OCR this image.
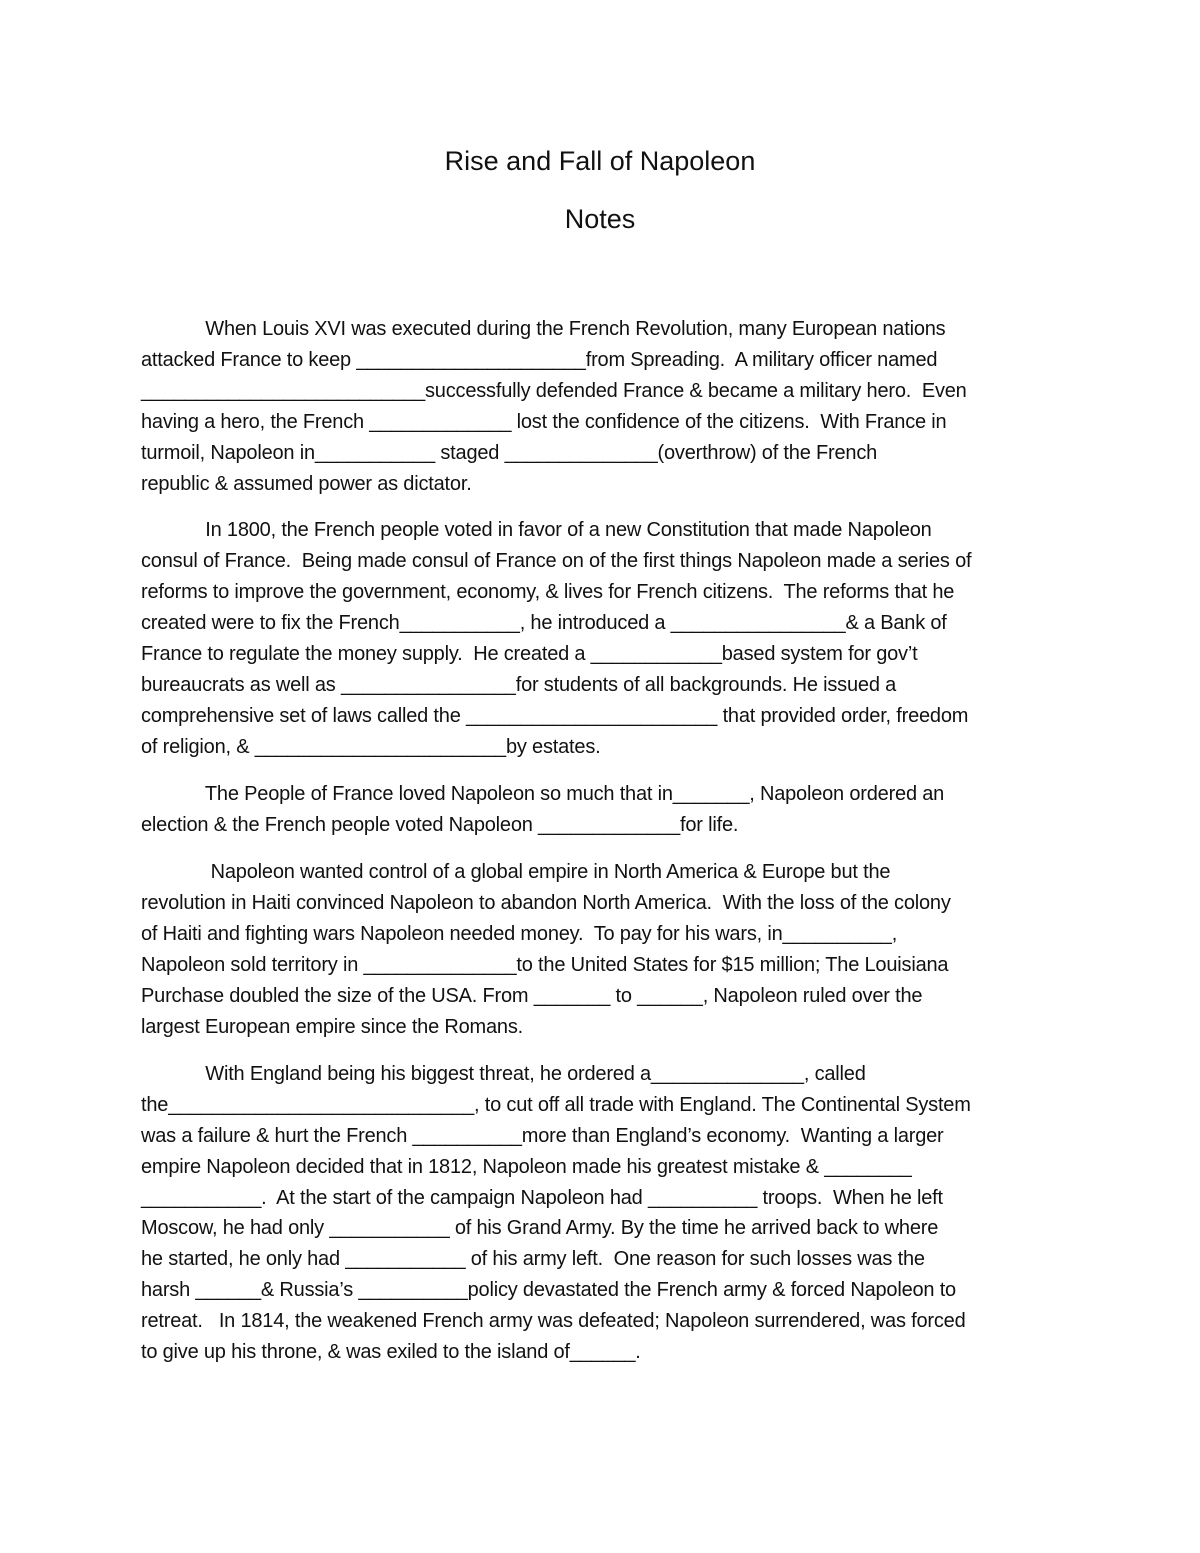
Rise and Fall of Napoleon
Notes

When Louis XVI was executed during the French Revolution, many European nations

attacked France to keep _____________________from Spreading.  A military officer named

__________________________successfully defended France & became a military hero.  Even

having a hero, the French _____________ lost the confidence of the citizens.  With France in

turmoil, Napoleon in___________ staged ______________(overthrow) of the French

republic & assumed power as dictator.

In 1800, the French people voted in favor of a new Constitution that made Napoleon

consul of France.  Being made consul of France on of the first things Napoleon made a series of

reforms to improve the government, economy, & lives for French citizens.  The reforms that he

created were to fix the French___________, he introduced a ________________& a Bank of

France to regulate the money supply.  He created a ____________based system for gov’t

bureaucrats as well as ________________for students of all backgrounds. He issued a

comprehensive set of laws called the _______________________ that provided order, freedom

of religion, & _______________________by estates.

The People of France loved Napoleon so much that in_______, Napoleon ordered an

election & the French people voted Napoleon _____________for life.

Napoleon wanted control of a global empire in North America & Europe but the

revolution in Haiti convinced Napoleon to abandon North America.  With the loss of the colony

of Haiti and fighting wars Napoleon needed money.  To pay for his wars, in__________,

Napoleon sold territory in ______________to the United States for $15 million; The Louisiana

Purchase doubled the size of the USA. From _______ to ______, Napoleon ruled over the

largest European empire since the Romans.

With England being his biggest threat, he ordered a______________, called

the____________________________, to cut off all trade with England. The Continental System

was a failure & hurt the French __________more than England’s economy.  Wanting a larger

empire Napoleon decided that in 1812, Napoleon made his greatest mistake & ________

___________.  At the start of the campaign Napoleon had __________ troops.  When he left

Moscow, he had only ___________ of his Grand Army. By the time he arrived back to where

he started, he only had ___________ of his army left.  One reason for such losses was the

harsh ______& Russia’s __________policy devastated the French army & forced Napoleon to

retreat.   In 1814, the weakened French army was defeated; Napoleon surrendered, was forced

to give up his throne, & was exiled to the island of______.
